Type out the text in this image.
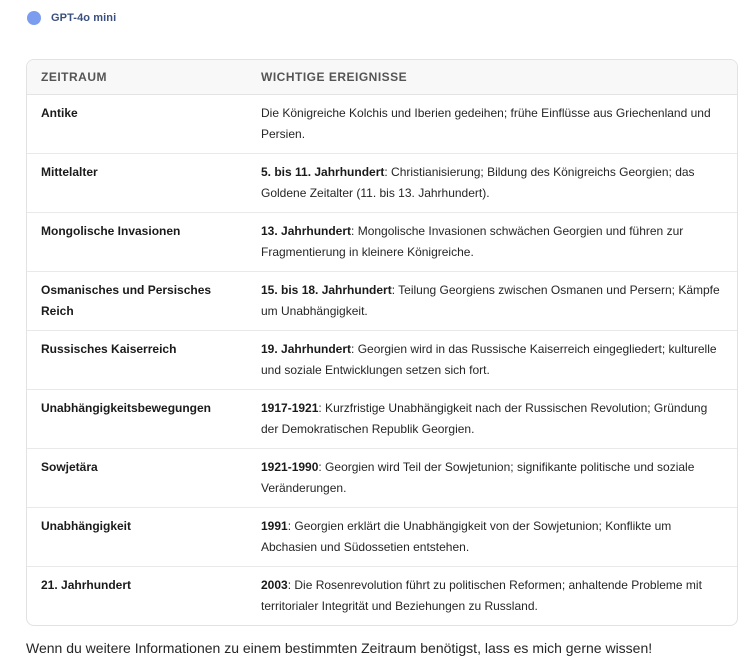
GPT-4o mini
ZEITRAUM	WICHTIGE EREIGNISSE
Antike	Die Königreiche Kolchis und Iberien gedeihen; frühe Einflüsse aus Griechenland und Persien.
Mittelalter	5. bis 11. Jahrhundert: Christianisierung; Bildung des Königreichs Georgien; das Goldene Zeitalter (11. bis 13. Jahrhundert).
Mongolische Invasionen	13. Jahrhundert: Mongolische Invasionen schwächen Georgien und führen zur Fragmentierung in kleinere Königreiche.
Osmanisches und Persisches Reich	15. bis 18. Jahrhundert: Teilung Georgiens zwischen Osmanen und Persern; Kämpfe um Unabhängigkeit.
Russisches Kaiserreich	19. Jahrhundert: Georgien wird in das Russische Kaiserreich eingegliedert; kulturelle und soziale Entwicklungen setzen sich fort.
Unabhängigkeitsbewegungen	1917-1921: Kurzfristige Unabhängigkeit nach der Russischen Revolution; Gründung der Demokratischen Republik Georgien.
Sowjetära	1921-1990: Georgien wird Teil der Sowjetunion; signifikante politische und soziale Veränderungen.
Unabhängigkeit	1991: Georgien erklärt die Unabhängigkeit von der Sowjetunion; Konflikte um Abchasien und Südossetien entstehen.
21. Jahrhundert	2003: Die Rosenrevolution führt zu politischen Reformen; anhaltende Probleme mit territorialer Integrität und Beziehungen zu Russland.
Wenn du weitere Informationen zu einem bestimmten Zeitraum benötigst, lass es mich gerne wissen!
